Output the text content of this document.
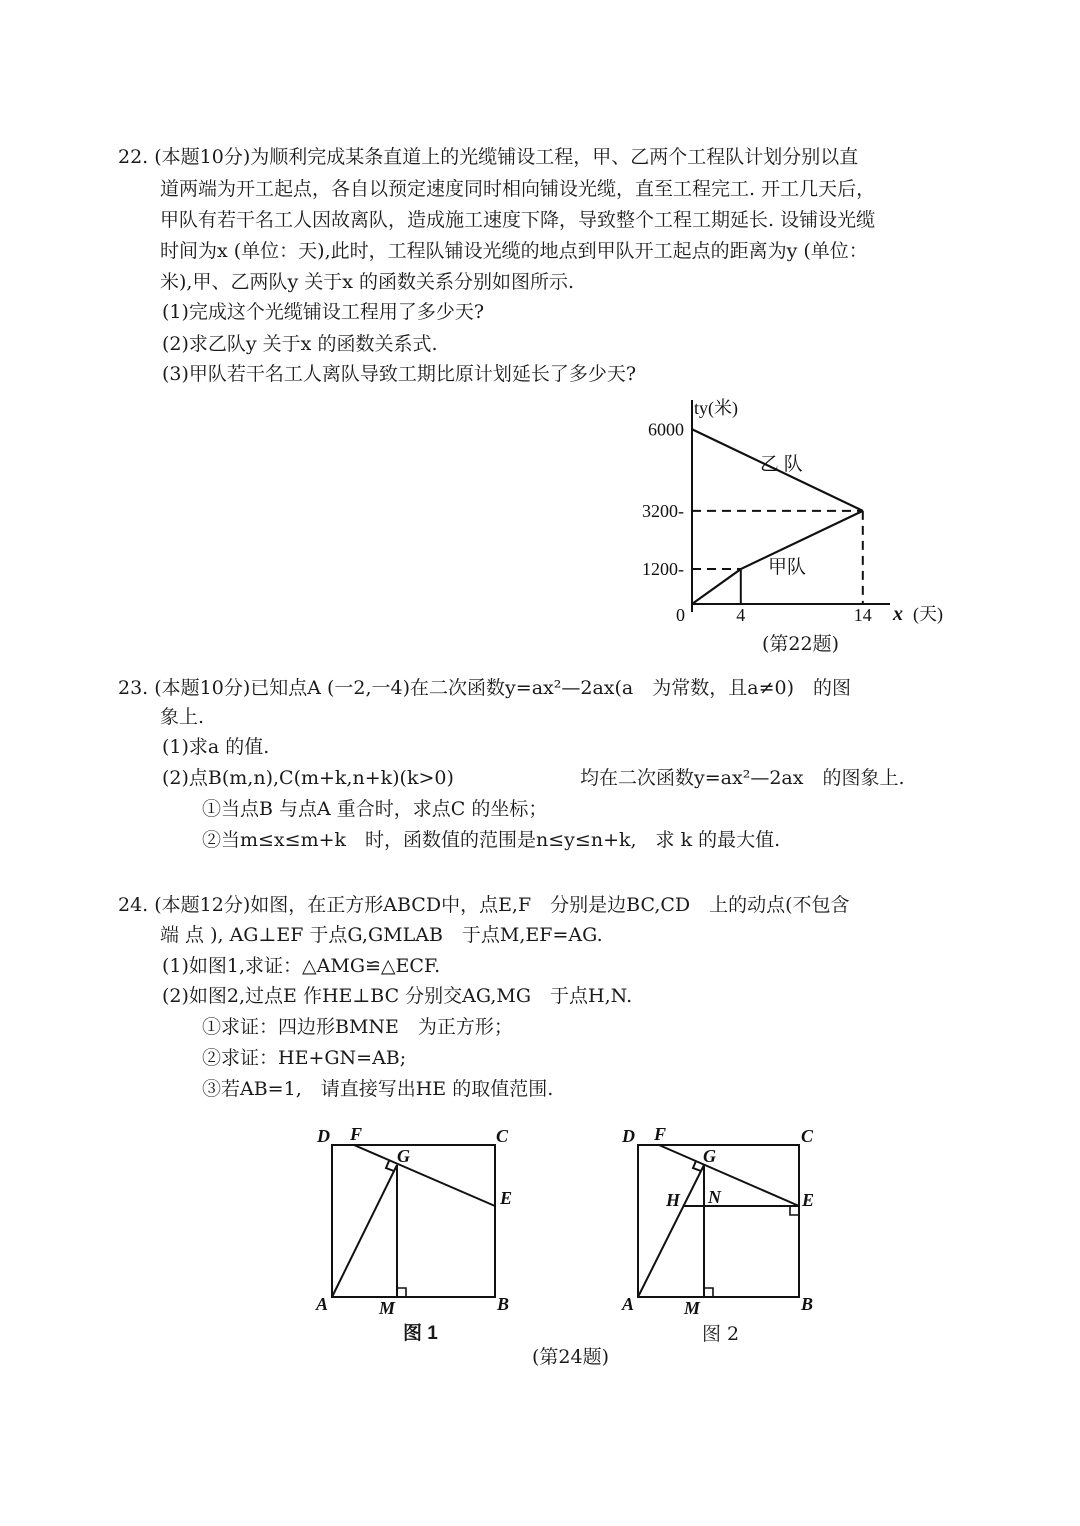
22. (本题10分)为顺利完成某条直道上的光缆铺设工程，甲、乙两个工程队计划分别以直
道两端为开工起点，各自以预定速度同时相向铺设光缆，直至工程完工. 开工几天后，
甲队有若干名工人因故离队，造成施工速度下降，导致整个工程工期延长. 设铺设光缆
时间为x (单位：天),此时，工程队铺设光缆的地点到甲队开工起点的距离为y (单位：
米),甲、乙两队y 关于x 的函数关系分别如图所示.
(1)完成这个光缆铺设工程用了多少天?
(2)求乙队y 关于x 的函数关系式.
(3)甲队若干名工人离队导致工期比原计划延长了多少天?
6000
3200-
1200-
4	14
ty(米)
x (天)
0
乙 队
甲队
(第22题)
23. (本题10分)已知点A (一2,一4)在二次函数y=ax²—2ax(a　为常数，且a≠0)　的图
象上.
(1)求a 的值.
(2)点B(m,n),C(m+k,n+k)(k>0)	均在二次函数y=ax²—2ax　的图象上.
①当点B 与点A 重合时，求点C 的坐标；
②当m≤x≤m+k　时，函数值的范围是n≤y≤n+k,　求 k 的最大值.
24. (本题12分)如图，在正方形ABCD中，点E,F　分别是边BC,CD　上的动点(不包含
端 点 ), AG⊥EF 于点G,GMLAB　于点M,EF=AG.
(1)如图1,求证：△AMG≌△ECF.
(2)如图2,过点E 作HE⊥BC 分别交AG,MG　于点H,N.
①求证：四边形BMNE　为正方形；
②求证：HE+GN=AB;
③若AB=1,　请直接写出HE 的取值范围.
D F
G
C
E
A	M	B
图 1
D F
G
C
H N	E
A	M	B
图 2
(第24题)
